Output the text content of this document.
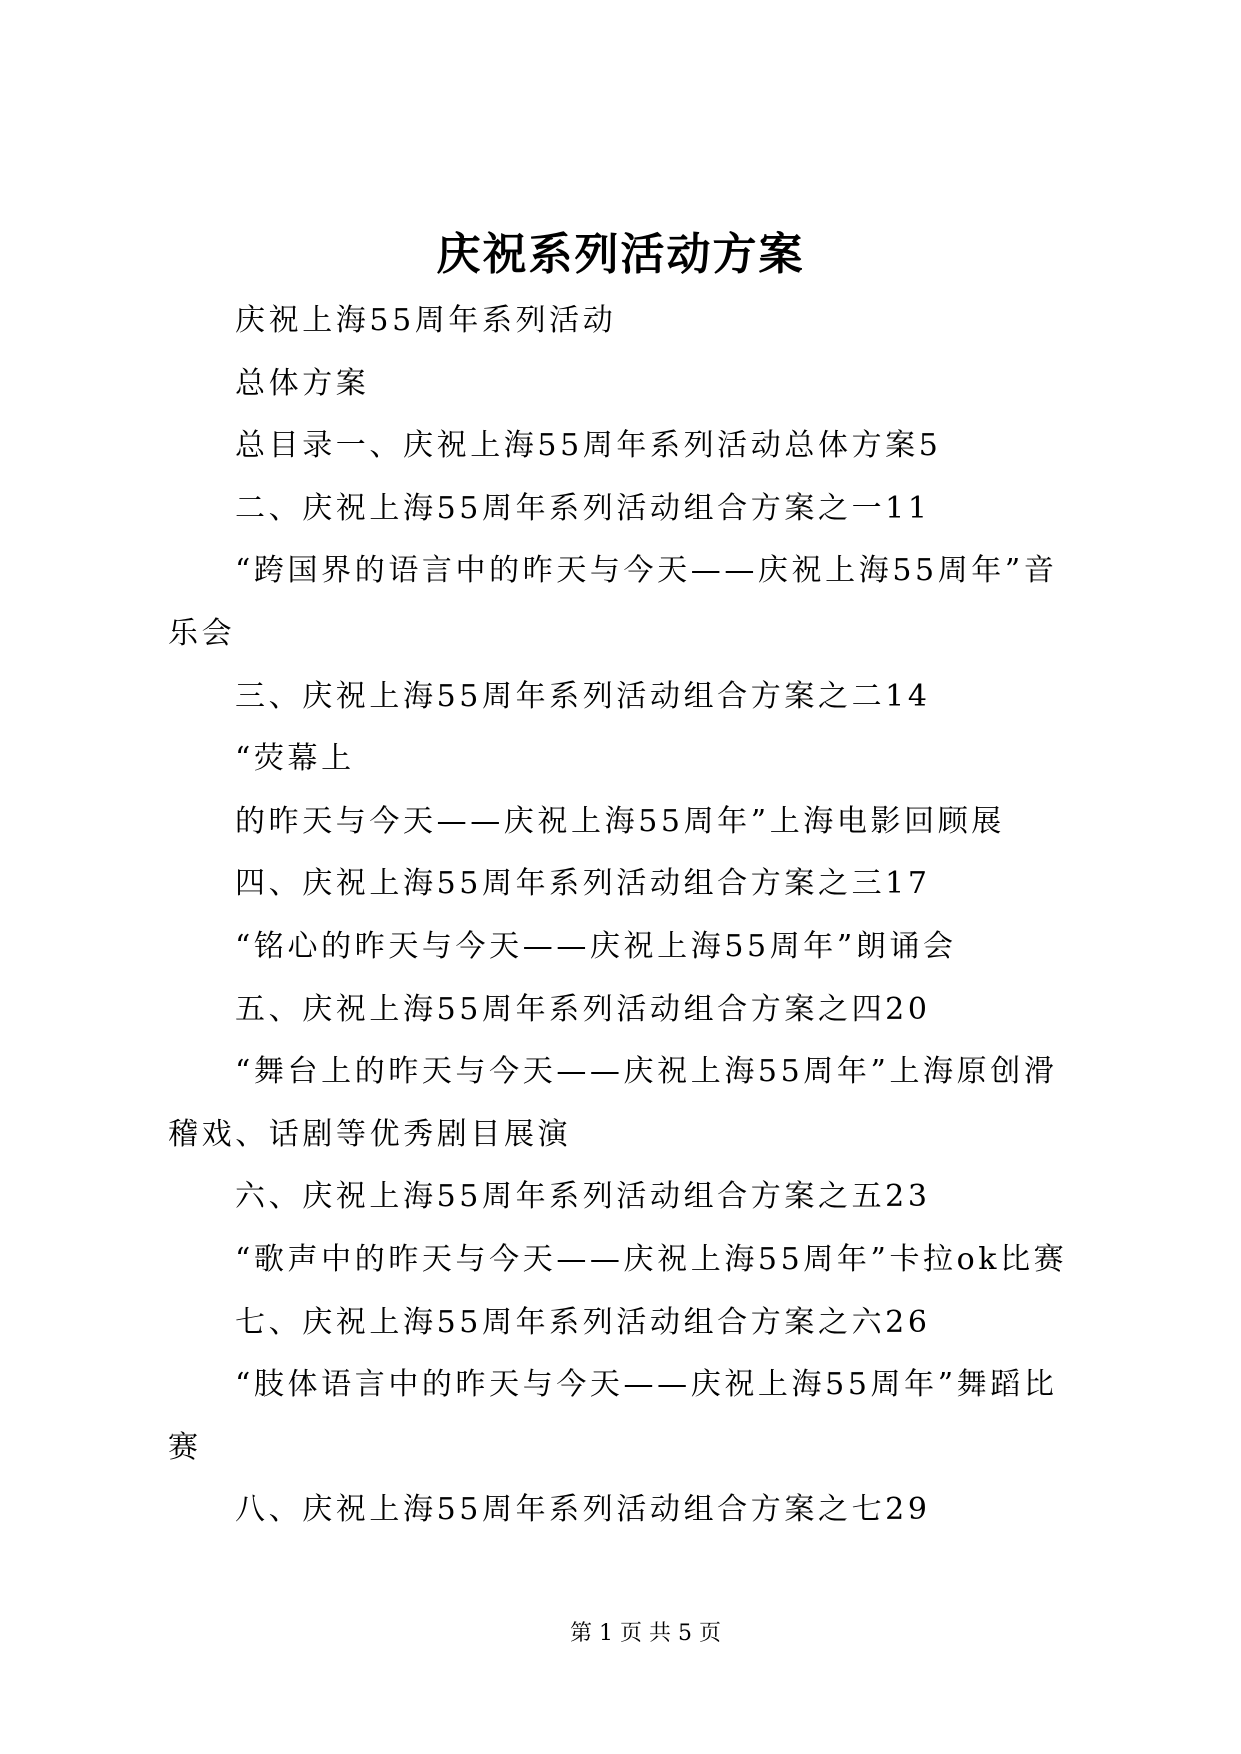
庆祝系列活动方案

庆祝上海55周年系列活动

总体方案

总目录一、庆祝上海55周年系列活动总体方案5

二、庆祝上海55周年系列活动组合方案之一11

“跨国界的语言中的昨天与今天——庆祝上海55周年”音
乐会

三、庆祝上海55周年系列活动组合方案之二14

“荧幕上

的昨天与今天——庆祝上海55周年”上海电影回顾展

四、庆祝上海55周年系列活动组合方案之三17

“铭心的昨天与今天——庆祝上海55周年”朗诵会

五、庆祝上海55周年系列活动组合方案之四20

“舞台上的昨天与今天——庆祝上海55周年”上海原创滑
稽戏、话剧等优秀剧目展演

六、庆祝上海55周年系列活动组合方案之五23

“歌声中的昨天与今天——庆祝上海55周年”卡拉ok比赛

七、庆祝上海55周年系列活动组合方案之六26

“肢体语言中的昨天与今天——庆祝上海55周年”舞蹈比
赛

八、庆祝上海55周年系列活动组合方案之七29

第 1 页 共 5 页
